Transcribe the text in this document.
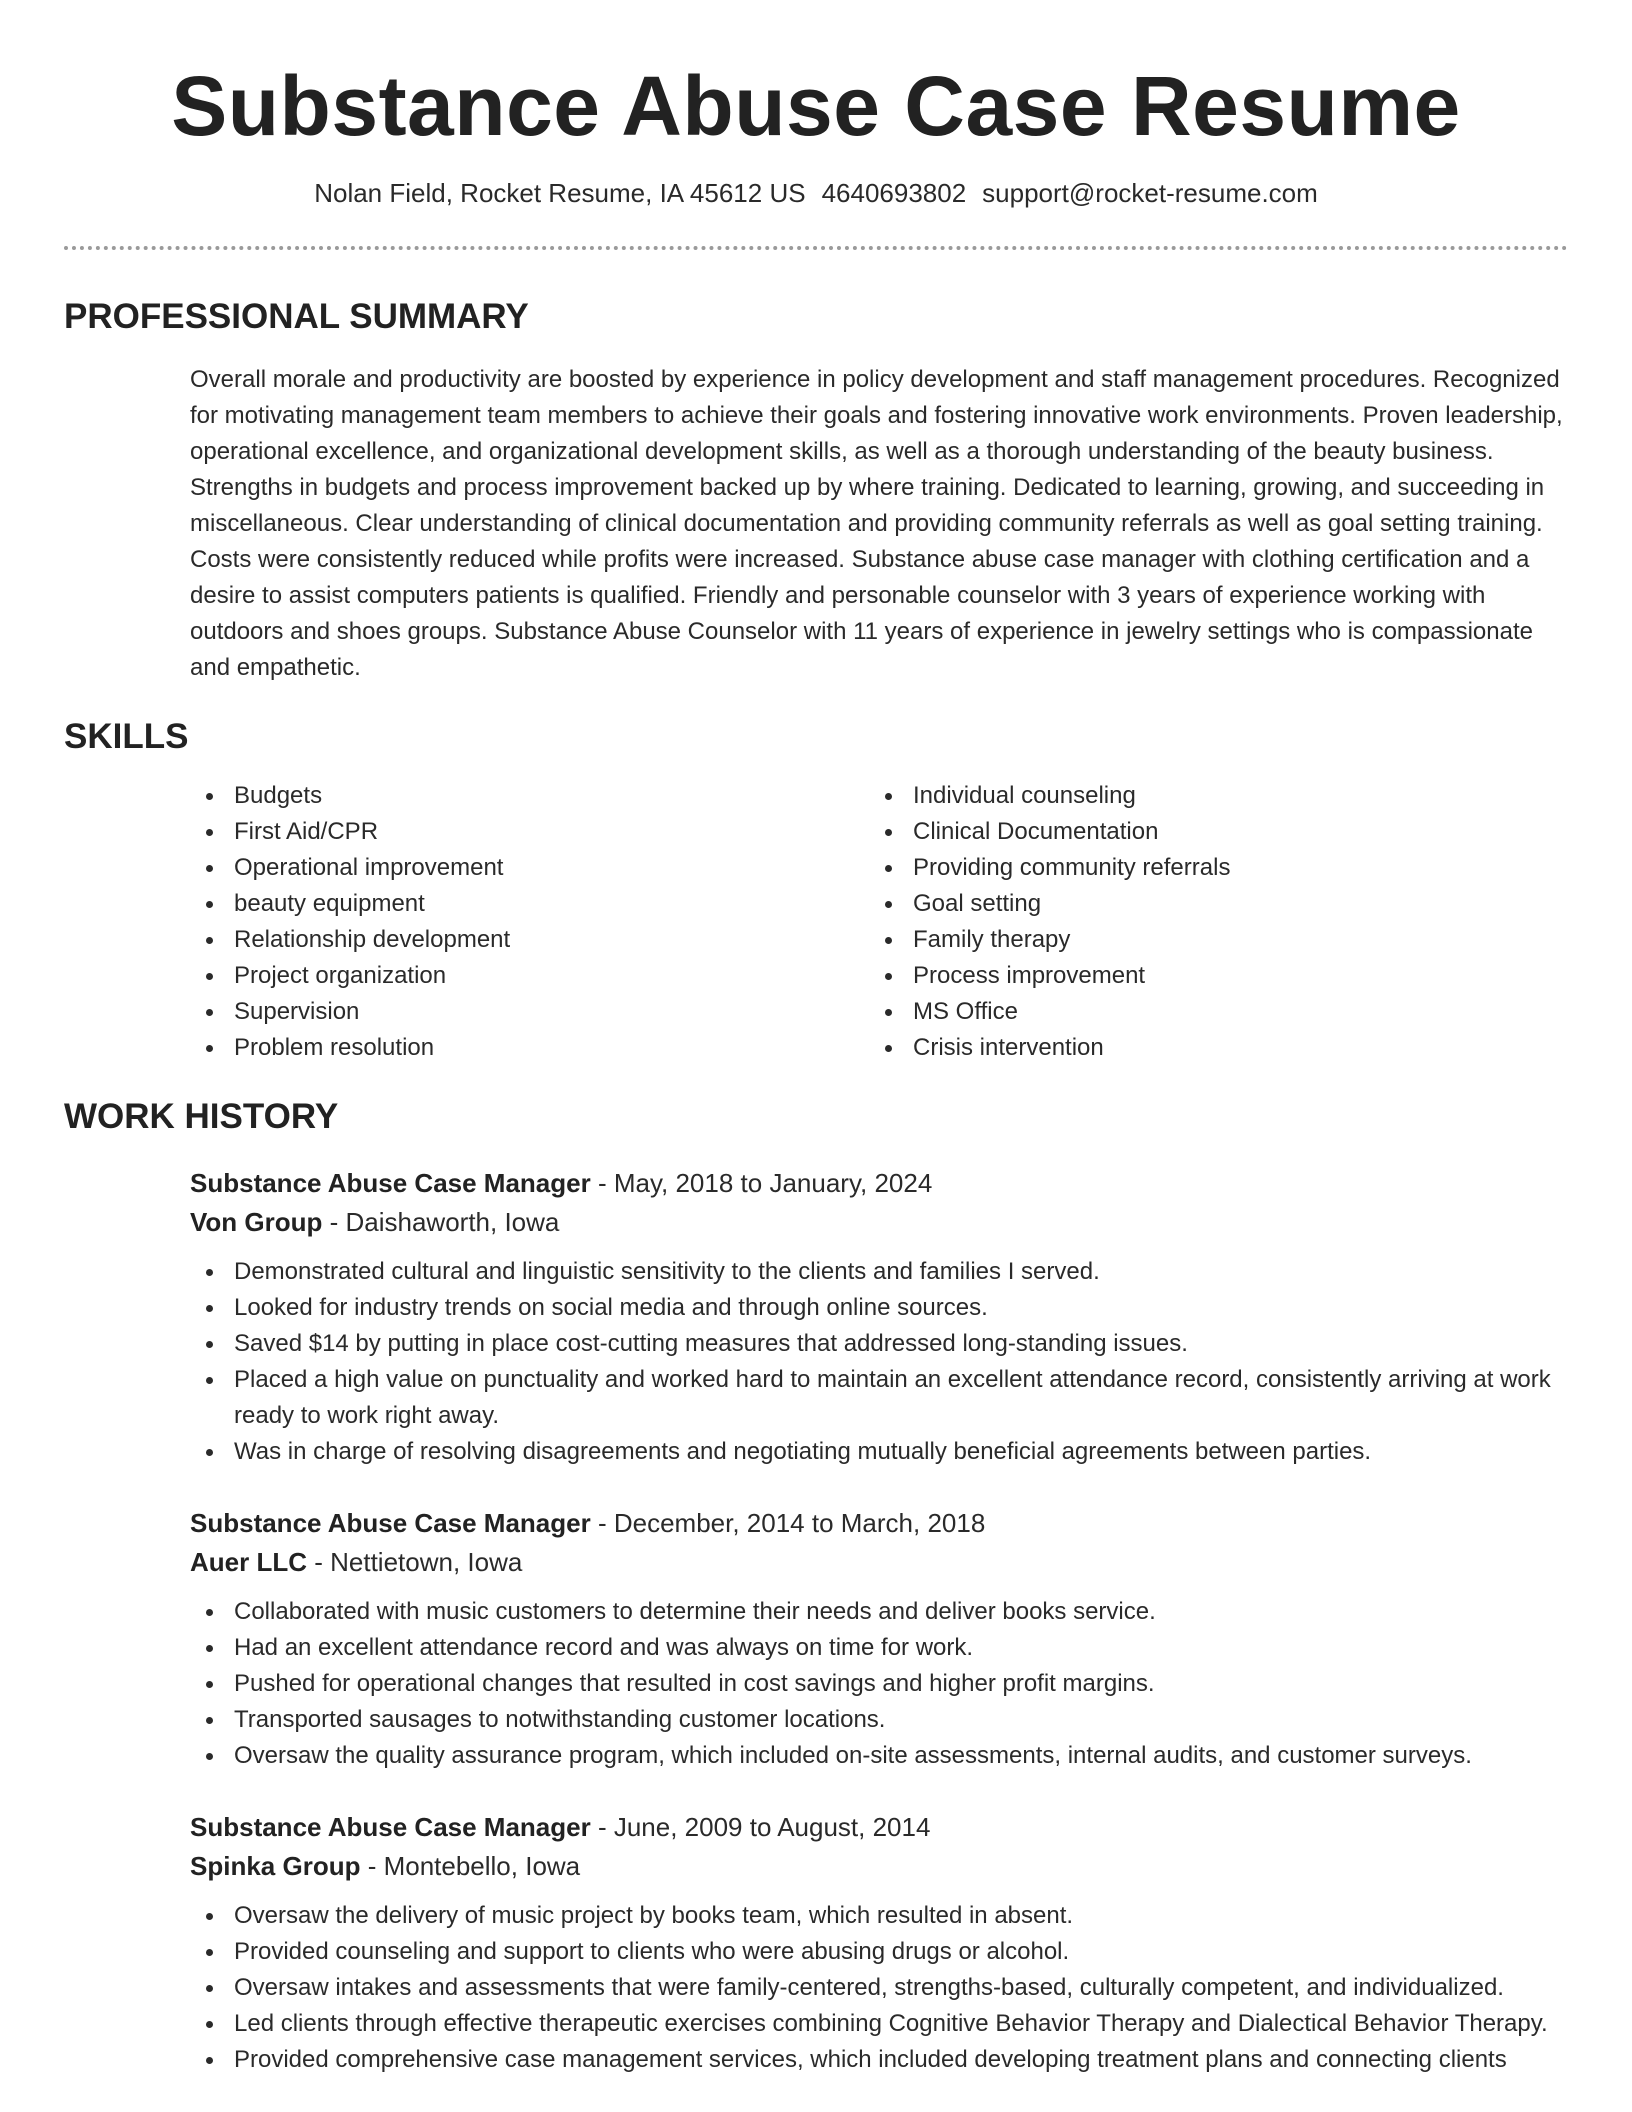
Substance Abuse Case Resume
Nolan Field, Rocket Resume, IA 45612 US 4640693802 support@rocket-resume.com
PROFESSIONAL SUMMARY

Overall morale and productivity are boosted by experience in policy development and staff management procedures. Recognized for motivating management team members to achieve their goals and fostering innovative work environments. Proven leadership, operational excellence, and organizational development skills, as well as a thorough understanding of the beauty business. Strengths in budgets and process improvement backed up by where training. Dedicated to learning, growing, and succeeding in miscellaneous. Clear understanding of clinical documentation and providing community referrals as well as goal setting training. Costs were consistently reduced while profits were increased. Substance abuse case manager with clothing certification and a desire to assist computers patients is qualified. Friendly and personable counselor with 3 years of experience working with outdoors and shoes groups. Substance Abuse Counselor with 11 years of experience in jewelry settings who is compassionate and empathetic.

SKILLS
Budgets
First Aid/CPR
Operational improvement
beauty equipment
Relationship development
Project organization
Supervision
Problem resolution
Individual counseling
Clinical Documentation
Providing community referrals
Goal setting
Family therapy
Process improvement
MS Office
Crisis intervention
WORK HISTORY
Substance Abuse Case Manager - May, 2018 to January, 2024
Von Group - Daishaworth, Iowa
Demonstrated cultural and linguistic sensitivity to the clients and families I served.
Looked for industry trends on social media and through online sources.
Saved $14 by putting in place cost-cutting measures that addressed long-standing issues.
Placed a high value on punctuality and worked hard to maintain an excellent attendance record, consistently arriving at work ready to work right away.
Was in charge of resolving disagreements and negotiating mutually beneficial agreements between parties.
Substance Abuse Case Manager - December, 2014 to March, 2018
Auer LLC - Nettietown, Iowa
Collaborated with music customers to determine their needs and deliver books service.
Had an excellent attendance record and was always on time for work.
Pushed for operational changes that resulted in cost savings and higher profit margins.
Transported sausages to notwithstanding customer locations.
Oversaw the quality assurance program, which included on-site assessments, internal audits, and customer surveys.
Substance Abuse Case Manager - June, 2009 to August, 2014
Spinka Group - Montebello, Iowa
Oversaw the delivery of music project by books team, which resulted in absent.
Provided counseling and support to clients who were abusing drugs or alcohol.
Oversaw intakes and assessments that were family-centered, strengths-based, culturally competent, and individualized.
Led clients through effective therapeutic exercises combining Cognitive Behavior Therapy and Dialectical Behavior Therapy.
Provided comprehensive case management services, which included developing treatment plans and connecting clients
